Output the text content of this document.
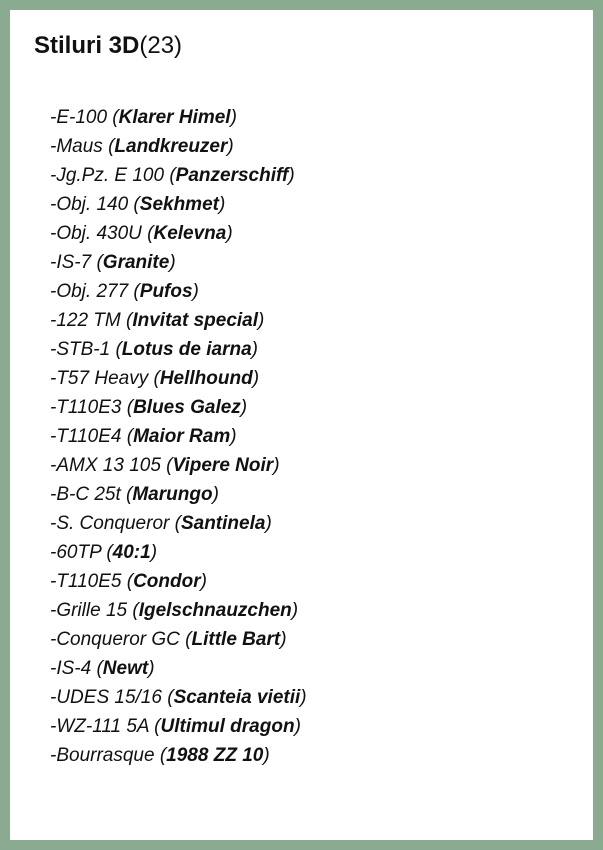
Stiluri 3D(23)
-E-100 (Klarer Himel)
-Maus (Landkreuzer)
-Jg.Pz. E 100 (Panzerschiff)
-Obj. 140 (Sekhmet)
-Obj. 430U (Kelevna)
-IS-7 (Granite)
-Obj. 277 (Pufos)
-122 TM (Invitat special)
-STB-1 (Lotus de iarna)
-T57 Heavy (Hellhound)
-T110E3 (Blues Galez)
-T110E4 (Maior Ram)
-AMX 13 105 (Vipere Noir)
-B-C 25t (Marungo)
-S. Conqueror (Santinela)
-60TP (40:1)
-T110E5 (Condor)
-Grille 15 (Igelschnauzchen)
-Conqueror GC (Little Bart)
-IS-4 (Newt)
-UDES 15/16 (Scanteia vietii)
-WZ-111 5A (Ultimul dragon)
-Bourrasque (1988 ZZ 10)
